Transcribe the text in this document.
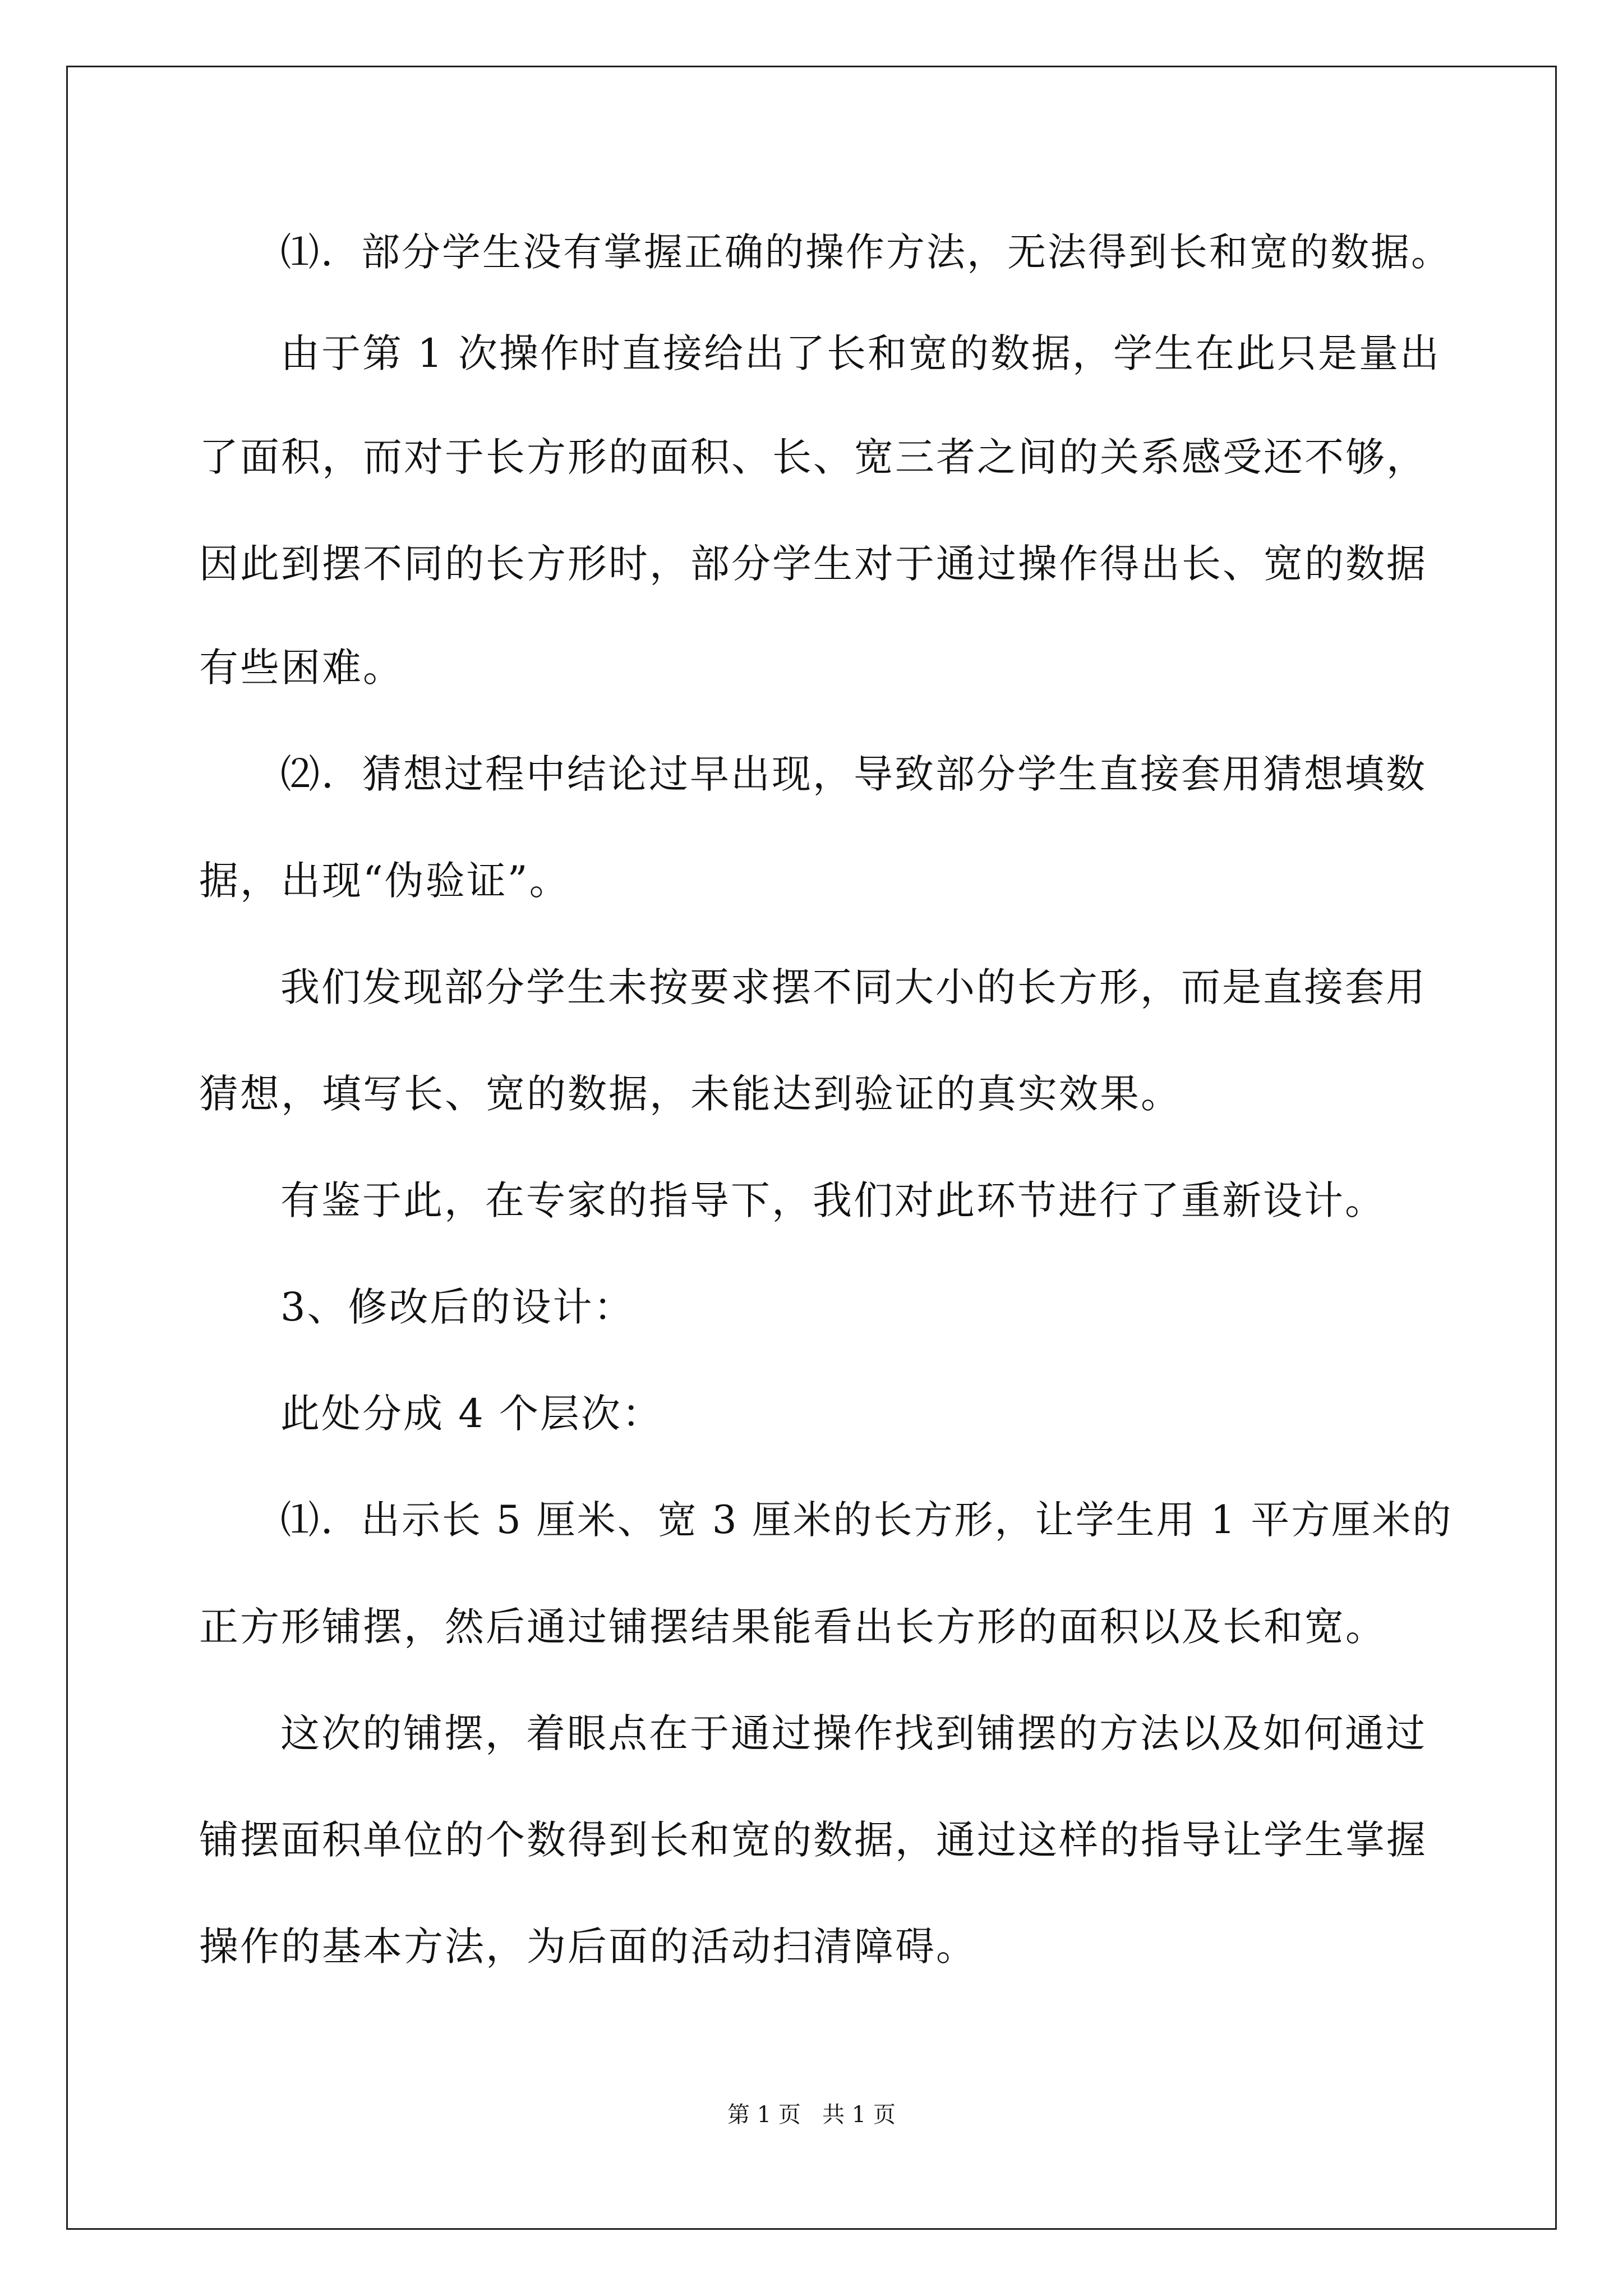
⑴．部分学生没有掌握正确的操作方法，无法得到长和宽的数据。
由于第 1 次操作时直接给出了长和宽的数据，学生在此只是量出
了面积，而对于长方形的面积、长、宽三者之间的关系感受还不够，
因此到摆不同的长方形时，部分学生对于通过操作得出长、宽的数据
有些困难。
⑵．猜想过程中结论过早出现，导致部分学生直接套用猜想填数
据，出现“伪验证”。
我们发现部分学生未按要求摆不同大小的长方形，而是直接套用
猜想，填写长、宽的数据，未能达到验证的真实效果。
有鉴于此，在专家的指导下，我们对此环节进行了重新设计。
3、修改后的设计：
此处分成 4 个层次：
⑴．出示长 5 厘米、宽 3 厘米的长方形，让学生用 1 平方厘米的
正方形铺摆，然后通过铺摆结果能看出长方形的面积以及长和宽。
这次的铺摆，着眼点在于通过操作找到铺摆的方法以及如何通过
铺摆面积单位的个数得到长和宽的数据，通过这样的指导让学生掌握
操作的基本方法，为后面的活动扫清障碍。
第 1 页   共 1 页
